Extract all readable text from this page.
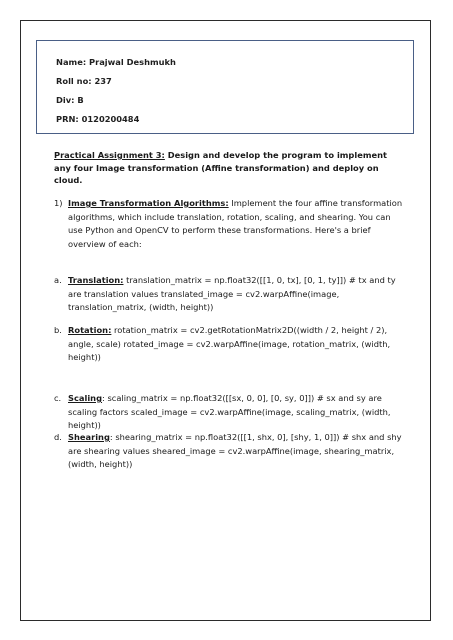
Name: Prajwal Deshmukh
Roll no: 237
Div: B
PRN: 0120200484
Practical Assignment 3: Design and develop the program to implement any four Image transformation (Affine transformation) and deploy on cloud.
1) Image Transformation Algorithms: Implement the four affine transformation algorithms, which include translation, rotation, scaling, and shearing. You can use Python and OpenCV to perform these transformations. Here's a brief overview of each:
a. Translation: translation_matrix = np.float32([[1, 0, tx], [0, 1, ty]]) # tx and ty are translation values translated_image = cv2.warpAffine(image, translation_matrix, (width, height))
b. Rotation: rotation_matrix = cv2.getRotationMatrix2D((width / 2, height / 2), angle, scale) rotated_image = cv2.warpAffine(image, rotation_matrix, (width, height))
c. Scaling: scaling_matrix = np.float32([[sx, 0, 0], [0, sy, 0]]) # sx and sy are scaling factors scaled_image = cv2.warpAffine(image, scaling_matrix, (width, height))
d. Shearing: shearing_matrix = np.float32([[1, shx, 0], [shy, 1, 0]]) # shx and shy are shearing values sheared_image = cv2.warpAffine(image, shearing_matrix, (width, height))
